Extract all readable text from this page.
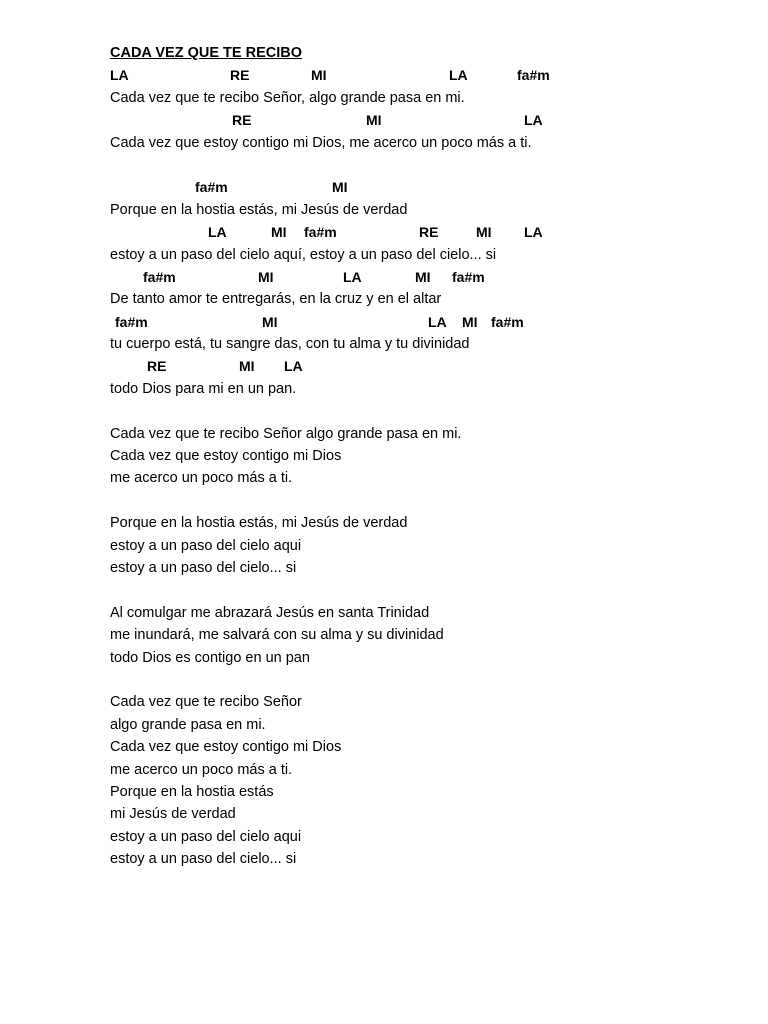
CADA VEZ QUE TE RECIBO
LA	RE	MI	LA	fa#m
Cada vez que te recibo Señor, algo grande pasa en mi.
RE	MI	LA
Cada vez que estoy contigo mi Dios, me acerco un poco más a ti.
fa#m	MI
Porque en la hostia estás, mi Jesús de verdad
LA	MI fa#m	RE	MI LA
estoy a un paso del cielo aquí, estoy a un paso del cielo... si
fa#m	MI	LA	MI fa#m
De tanto amor te entregarás, en la cruz y en el altar
fa#m	MI	LA MI fa#m
tu cuerpo está, tu sangre das, con tu alma y tu divinidad
RE	MI LA
todo Dios para mi en un pan.
Cada vez que te recibo Señor algo grande pasa en mi.
Cada vez que estoy contigo mi Dios
me acerco un poco más a ti.
Porque en la hostia estás, mi Jesús de verdad
estoy a un paso del cielo aqui
estoy a un paso del cielo... si
Al comulgar me abrazará Jesús en santa Trinidad
me inundará, me salvará con su alma y su divinidad
todo Dios es contigo en un pan
Cada vez que te recibo Señor
algo grande pasa en mi.
Cada vez que estoy contigo mi Dios
me acerco un poco más a ti.
Porque en la hostia estás
mi Jesús de verdad
estoy a un paso del cielo aqui
estoy a un paso del cielo... si
